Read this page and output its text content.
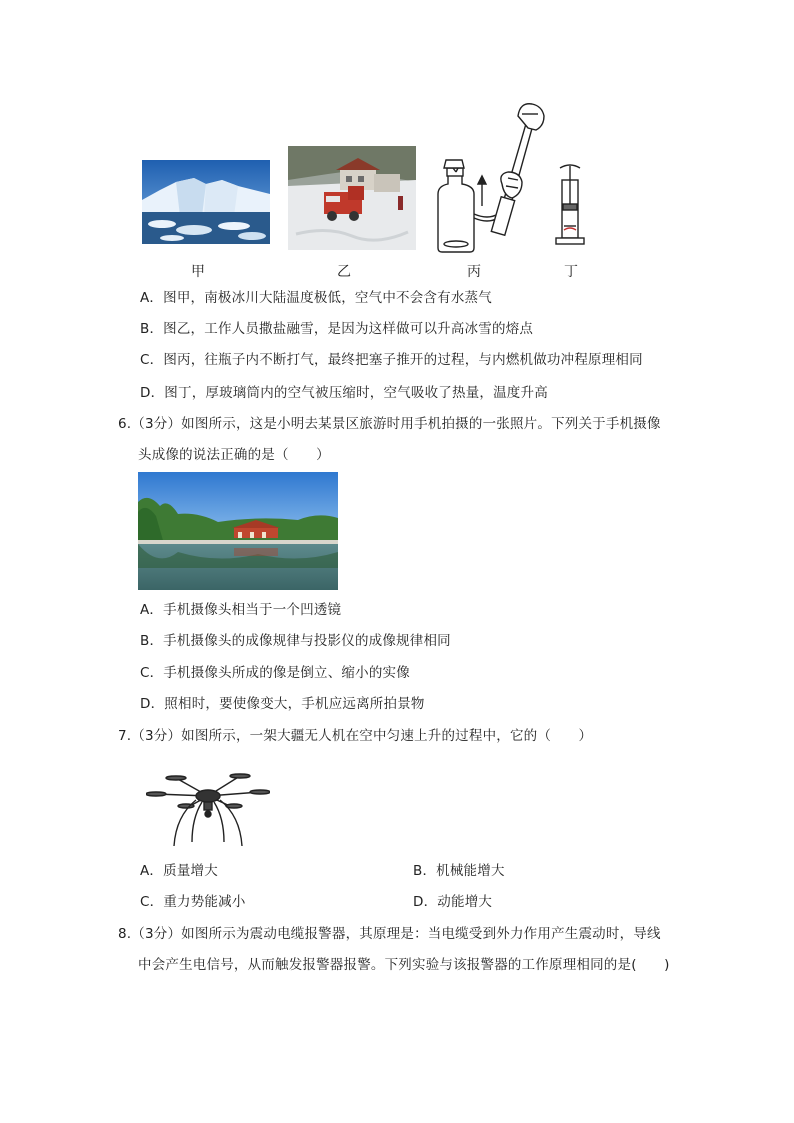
甲	乙	丙	丁
A．图甲，南极冰川大陆温度极低，空气中不会含有水蒸气
B．图乙，工作人员撒盐融雪，是因为这样做可以升高冰雪的熔点
C．图丙，往瓶子内不断打气，最终把塞子推开的过程，与内燃机做功冲程原理相同
D．图丁，厚玻璃筒内的空气被压缩时，空气吸收了热量，温度升高
6.（3分）如图所示，这是小明去某景区旅游时用手机拍摄的一张照片。下列关于手机摄像
头成像的说法正确的是（　　）
A．手机摄像头相当于一个凹透镜
B．手机摄像头的成像规律与投影仪的成像规律相同
C．手机摄像头所成的像是倒立、缩小的实像
D．照相时，要使像变大，手机应远离所拍景物
7.（3分）如图所示，一架大疆无人机在空中匀速上升的过程中，它的（　　）
A．质量增大	B．机械能增大
C．重力势能减小	D．动能增大
8.（3分）如图所示为震动电缆报警器，其原理是：当电缆受到外力作用产生震动时，导线
中会产生电信号，从而触发报警器报警。下列实验与该报警器的工作原理相同的是(　　)
